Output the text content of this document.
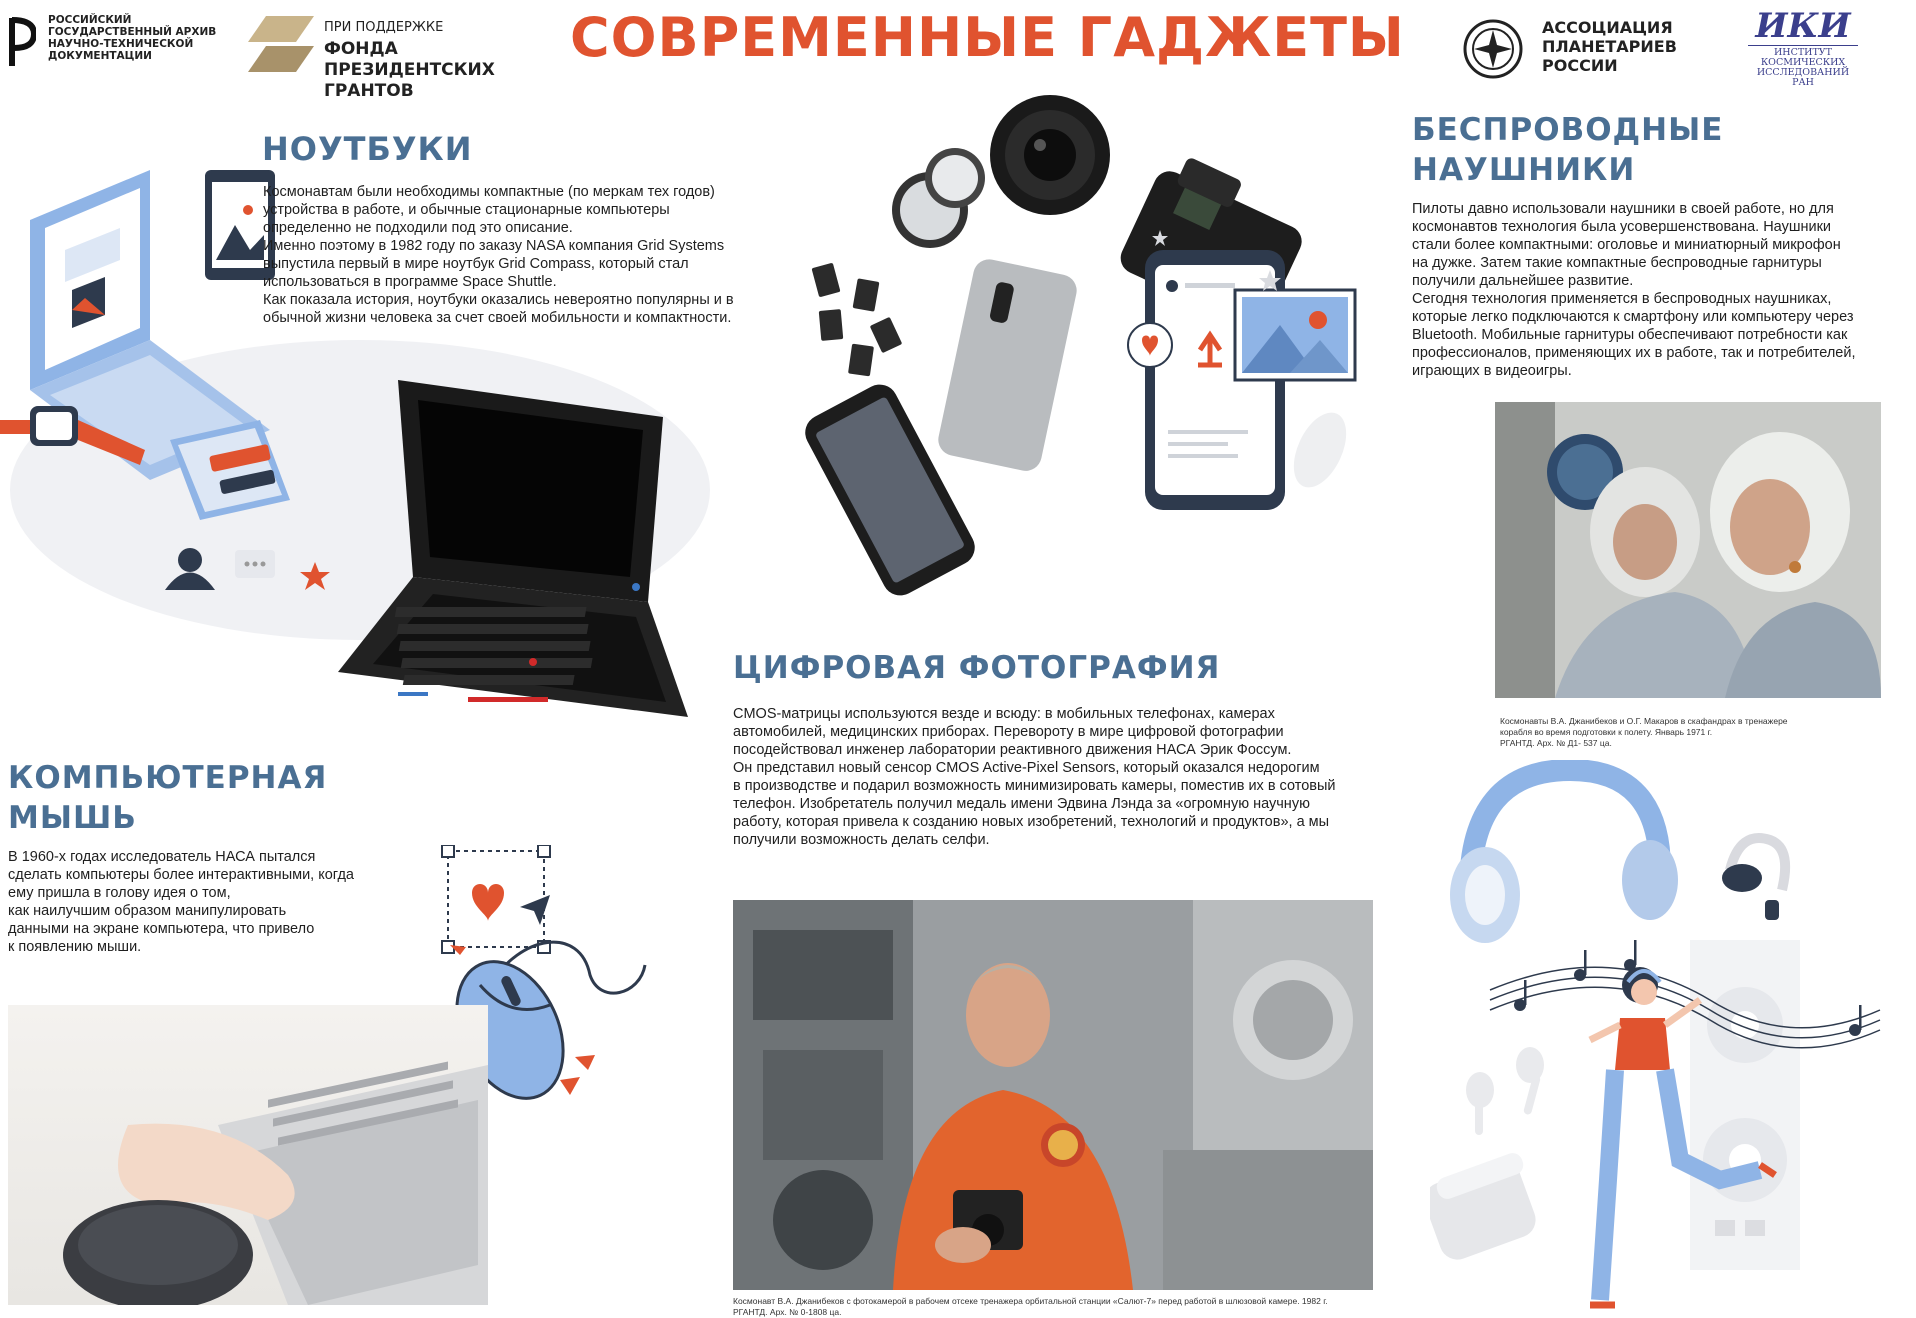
РОССИЙСКИЙ
ГОСУДАРСТВЕННЫЙ АРХИВ
НАУЧНО-ТЕХНИЧЕСКОЙ
ДОКУМЕНТАЦИИ
ПРИ ПОДДЕРЖКЕ
ФОНДА
ПРЕЗИДЕНТСКИХ
ГРАНТОВ
СОВРЕМЕННЫЕ ГАДЖЕТЫ	АССОЦИАЦИЯ
ПЛАНЕТАРИЕВ
РОССИИ
ИКИ
ИНСТИТУТ
КОСМИЧЕСКИХ
ИССЛЕДОВАНИЙ
РАН
НОУТБУКИ

Космонавтам были необходимы компактные (по меркам тех годов) устройства в работе, и обычные стационарные компьютеры определенно не подходили под это описание.

Именно поэтому в 1982 году по заказу NASA компания Grid Systems выпустила первый в мире ноутбук Grid Compass, который стал использоваться в программе Space Shuttle.

Как показала история, ноутбуки оказались невероятно популярны и в обычной жизни человека за счет своей мобильности и компактности.

КОМПЬЮТЕРНАЯ
МЫШЬ

В 1960-х годах исследователь НАСА пытался

сделать компьютеры более интерактивными, когда

ему пришла в голову идея о том,

как наилучшим образом манипулировать

данными на экране компьютера, что привело

к появлению мыши.

ЦИФРОВАЯ ФОТОГРАФИЯ

CMOS-матрицы используются везде и всюду: в мобильных телефонах, камерах

автомобилей, медицинских приборах. Перевороту в мире цифровой фотографии

посодействовал инженер лаборатории реактивного движения НАСА Эрик Фоссум.

Он представил новый сенсор CMOS Active-Pixel Sensors, который оказался недорогим

в производстве и подарил возможность минимизировать камеры, поместив их в сотовый

телефон. Изобретатель получил медаль имени Эдвина Лэнда за «огромную научную

работу, которая привела к созданию новых изобретений, технологий и продуктов», а мы

получили возможность делать селфи.

Космонавт В.А. Джанибеков с фотокамерой в рабочем отсеке тренажера орбитальной станции «Салют-7» перед работой в шлюзовой камере. 1982 г.

РГАНТД. Арх. № 0-1808 ца.

БЕСПРОВОДНЫЕ
НАУШНИКИ

Пилоты давно использовали наушники в своей работе, но для

космонавтов технология была усовершенствована. Наушники

стали более компактными: оголовье и миниатюрный микрофон

на дужке. Затем такие компактные беспроводные гарнитуры

получили дальнейшее развитие.

Сегодня технология применяется в беспроводных наушниках,

которые легко подключаются к смартфону или компьютеру через

Bluetooth. Мобильные гарнитуры обеспечивают потребности как

профессионалов, применяющих их в работе, так и потребителей,

играющих в видеоигры.

Космонавты В.А. Джанибеков и О.Г. Макаров в скафандрах в тренажере

корабля во время подготовки к полету. Январь 1971 г.

РГАНТД. Арх. № Д1- 537 ца.
